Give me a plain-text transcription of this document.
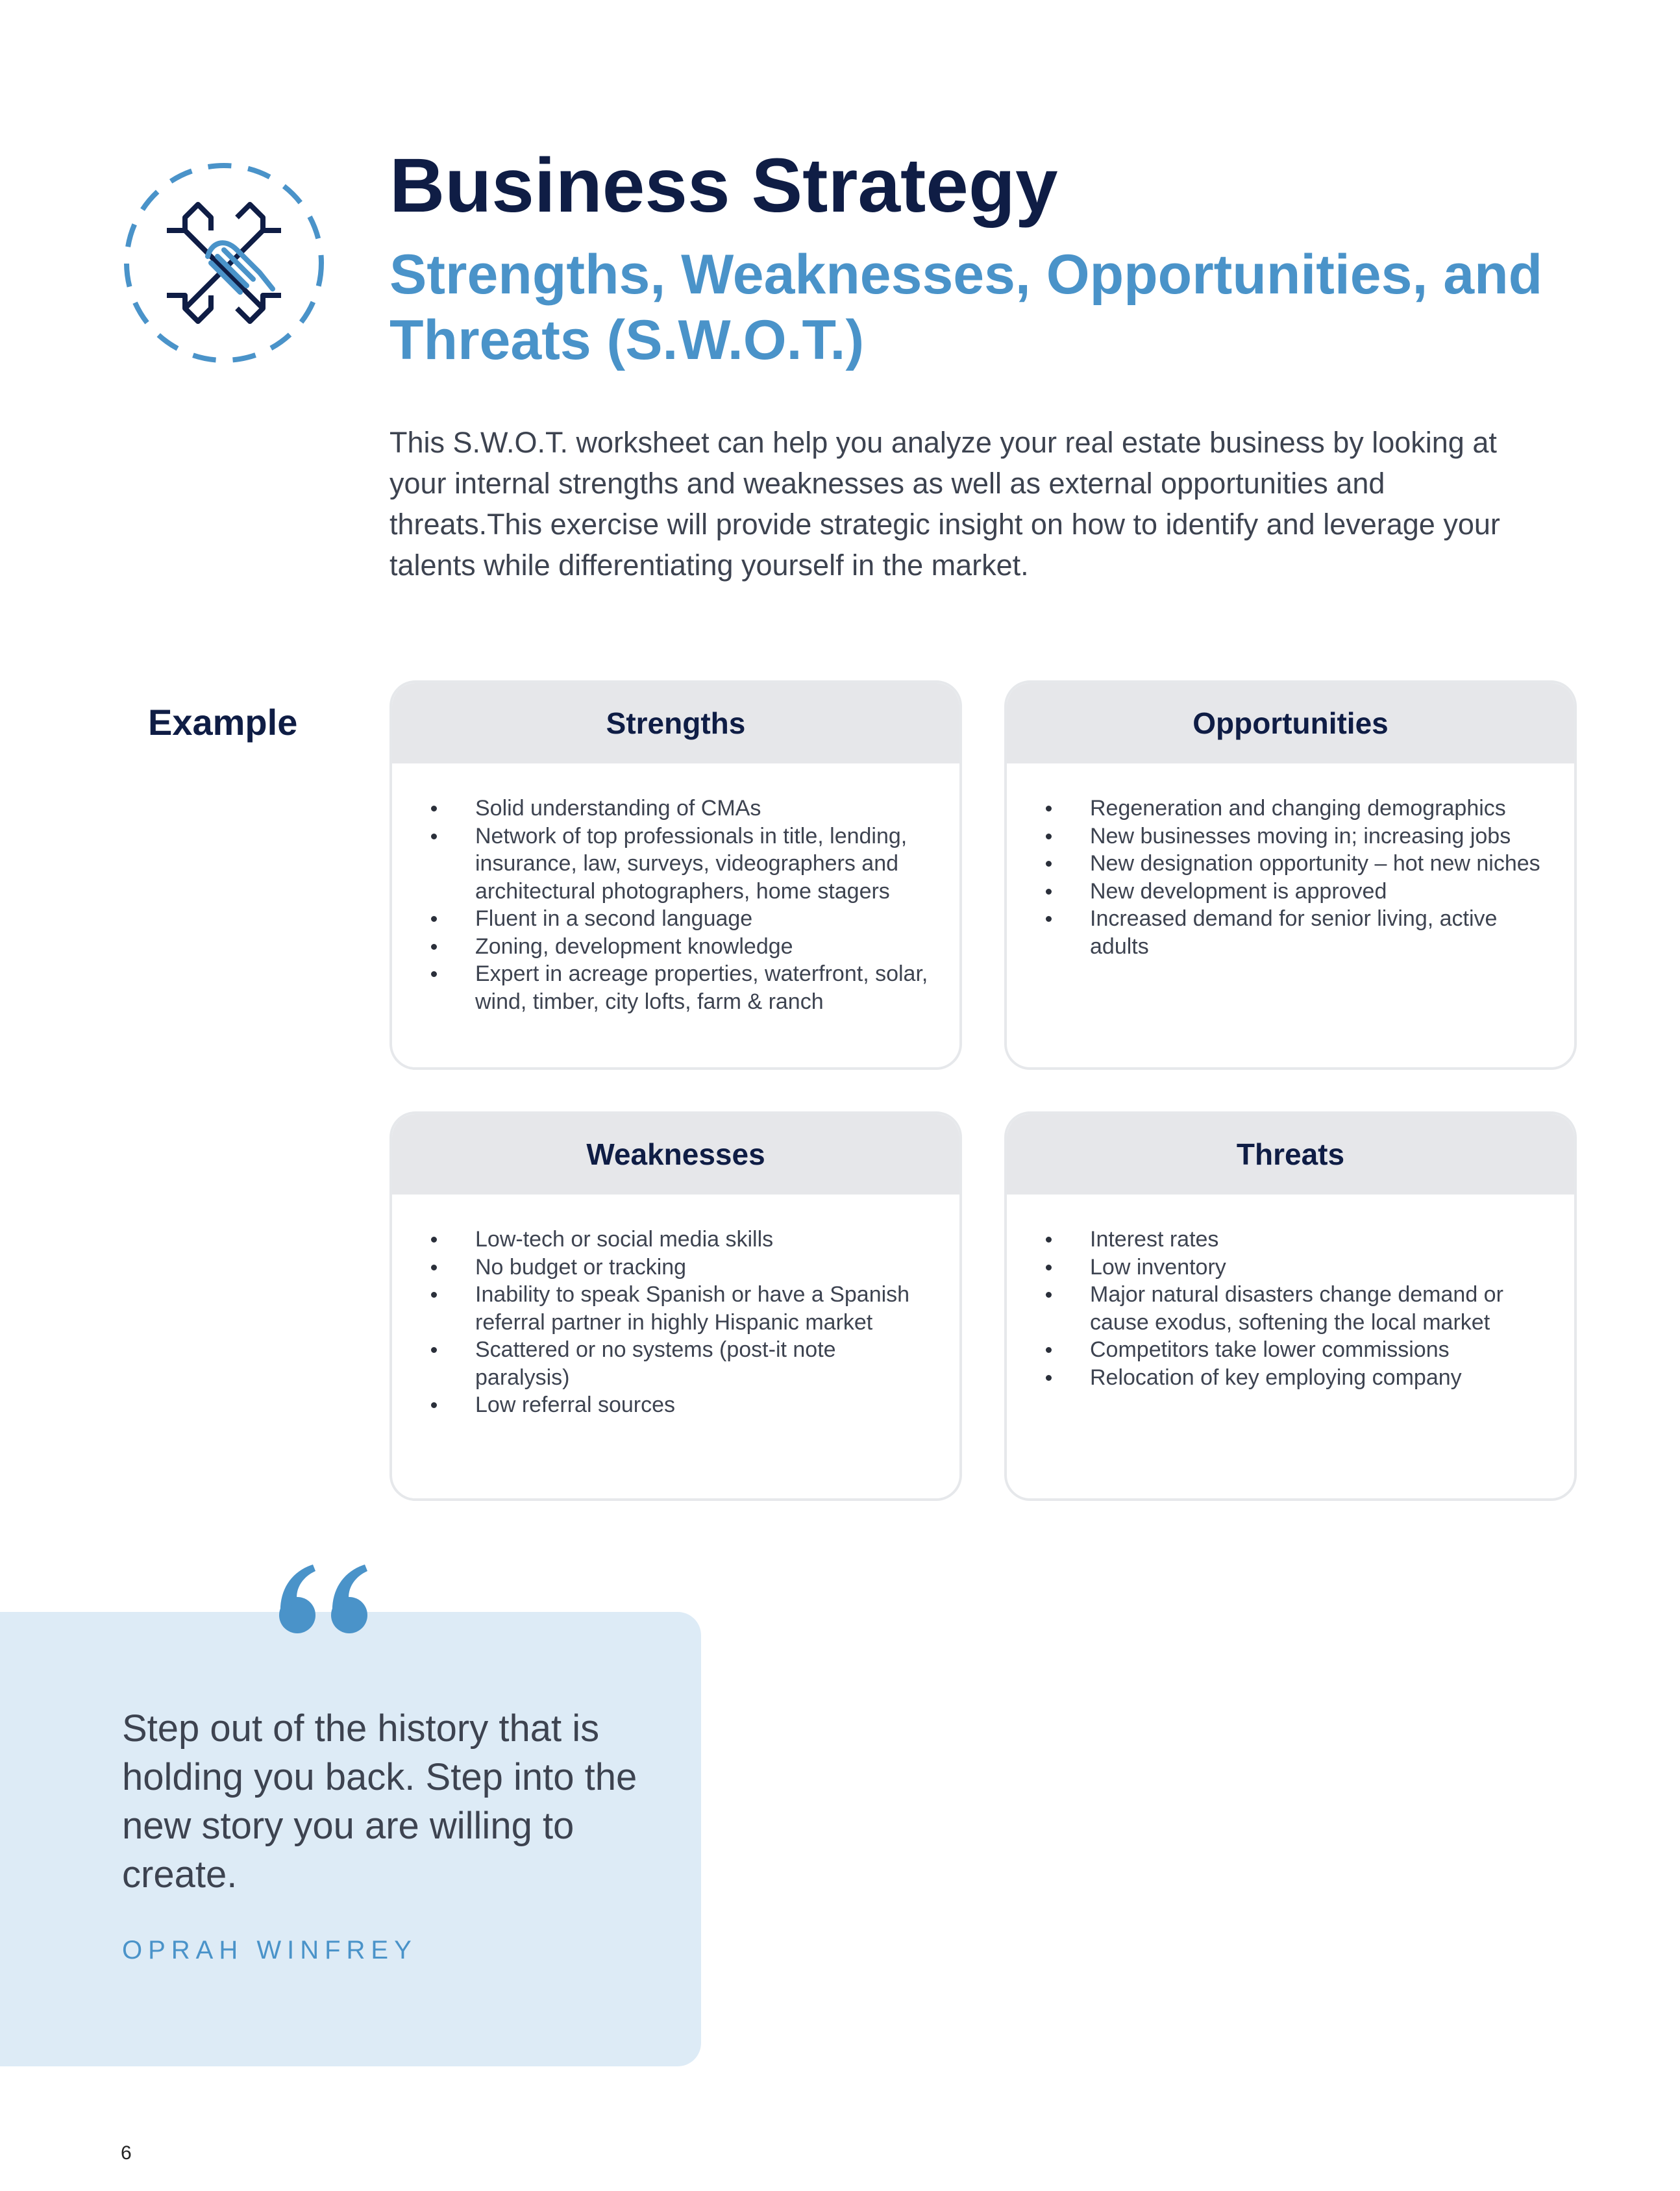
Business Strategy
Strengths, Weaknesses, Opportunities, and Threats (S.W.O.T.)

This S.W.O.T. worksheet can help you analyze your real estate business by looking at your internal strengths and weaknesses as well as external opportunities and threats.This exercise will provide strategic insight on how to identify and leverage your talents while differentiating yourself in the market.

Example	Strengths
Solid understanding of CMAs
Network of top professionals in title, lending, insurance, law, surveys, videographers and architectural photographers, home stagers
Fluent in a second language
Zoning, development knowledge
Expert in acreage properties, waterfront, solar, wind, timber, city lofts, farm & ranch
Opportunities
Regeneration and changing demographics
New businesses moving in; increasing jobs
New designation opportunity – hot new niches
New development is approved
Increased demand for senior living, active adults
Weaknesses
Low-tech or social media skills
No budget or tracking
Inability to speak Spanish or have a Spanish referral partner in highly Hispanic market
Scattered or no systems (post-it note paralysis)
Low referral sources
Threats
Interest rates
Low inventory
Major natural disasters change demand or cause exodus, softening the local market
Competitors take lower commissions
Relocation of key employing company

Step out of the history that is holding you back. Step into the new story you are willing to create.

OPRAH WINFREY
6
